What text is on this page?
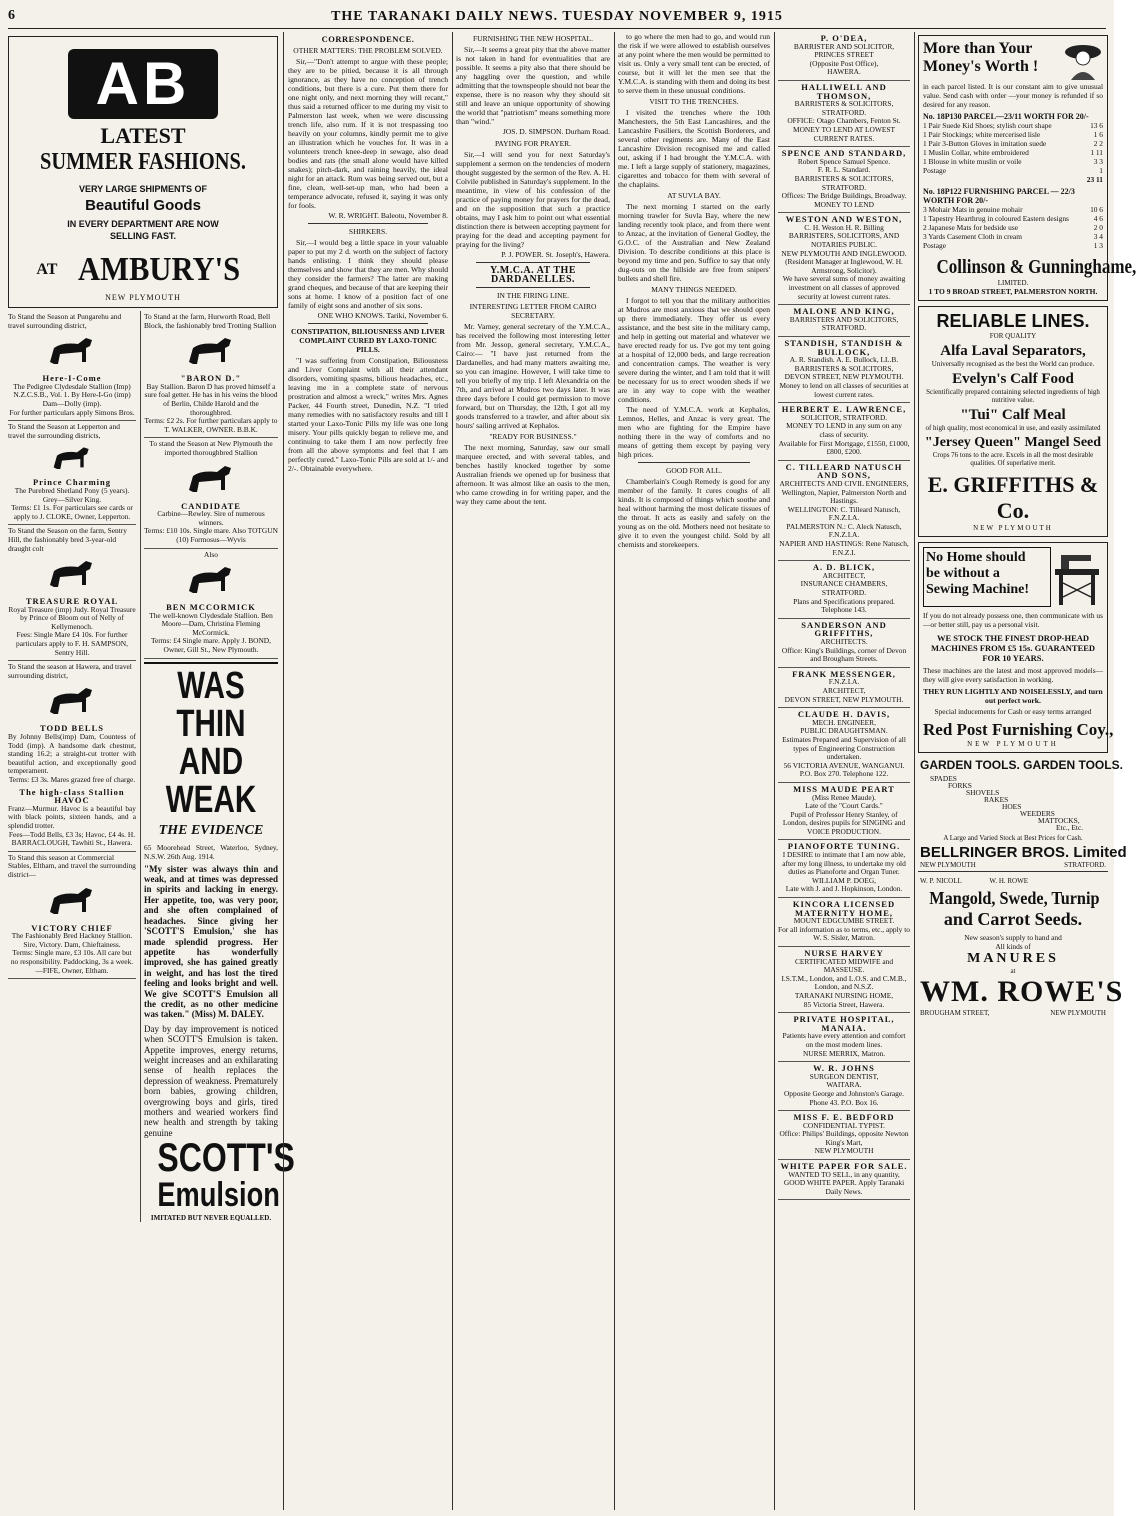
6	THE TARANAKI DAILY NEWS. TUESDAY NOVEMBER 9, 1915
AB
LATEST
SUMMER FASHIONS.
VERY LARGE SHIPMENTS OF
Beautiful Goods
IN EVERY DEPARTMENT ARE NOW
SELLING FAST.
AT AMBURY'S
NEW PLYMOUTH
To Stand the Season at Pungarehu and travel surrounding district,
Here-I-Come
The Pedigree Clydesdale Stallion (Imp) N.Z.C.S.B., Vol. 1. By Here-I-Go (imp) Dam—Dolly (imp).
For further particulars apply Simons Bros.
To Stand the Season at Lepperton and travel the surrounding districts,
Prince Charming
The Purebred Shetland Pony (5 years). Grey—Silver King.
Terms: £1 1s. For particulars see cards or apply to J. CLOKE, Owner, Lepperton.
To Stand the Season on the farm, Sentry Hill, the fashionably bred 3-year-old draught colt
TREASURE ROYAL
Royal Treasure (imp) Judy. Royal Treasure by Prince of Bloom out of Nelly of Kellymenoch.
Fees: Single Mare £4 10s. For further particulars apply to F. H. SAMPSON, Sentry Hill.
To Stand the season at Hawera, and travel surrounding district,
TODD BELLS
By Johnny Bells(imp) Dam, Countess of Todd (imp). A handsome dark chestnut, standing 16.2; a straight-cut trotter with beautiful action, and exceptionally good temperament.
Terms: £3 3s. Mares grazed free of charge.
The high-class Stallion
HAVOC
Franz—Murmur. Havoc is a beautiful bay with black points, sixteen hands, and a splendid trotter.
Fees—Todd Bells, £3 3s; Havoc, £4 4s. H. BARRACLOUGH, Tawhiti St., Hawera.
To Stand this season at Commercial Stables, Eltham, and travel the surrounding district—
VICTORY CHIEF
The Fashionably Bred Hackney Stallion. Sire, Victory. Dam, Chieftainess.
Terms: Single mare, £3 10s. All care but no responsibility. Paddocking, 3s a week. —FIFE, Owner, Eltham.
To Stand at the farm, Hurworth Road, Bell Block, the fashionably bred Trotting Stallion
"BARON D."
Bay Stallion. Baron D has proved himself a sure foal getter. He has in his veins the blood of Berlin, Childe Harold and the thoroughbred.
Terms: £2 2s. For further particulars apply to T. WALKER, OWNER. B.B.K.
To stand the Season at New Plymouth the imported thoroughbred Stallion
CANDIDATE
Carbine—Rewley. Sire of numerous winners.
Terms: £10 10s. Single mare. Also TOTGUN (10) Formosus—Wyvis
Also
BEN MCCORMICK
The well-known Clydesdale Stallion. Ben Moore—Dam, Christina Fleming McCormick.
Terms: £4 Single mare. Apply J. BOND, Owner, Gill St., New Plymouth.
WAS THIN AND WEAK
THE EVIDENCE
65 Moorehead Street, Waterloo, Sydney, N.S.W. 26th Aug. 1914.
"My sister was always thin and weak, and at times was depressed in spirits and lacking in energy. Her appetite, too, was very poor, and she often complained of headaches. Since giving her 'SCOTT'S Emulsion,' she has made splendid progress. Her appetite has wonderfully improved, she has gained greatly in weight, and has lost the tired feeling and looks bright and well. We give SCOTT'S Emulsion all the credit, as no other medicine was taken." (Miss) M. DALEY.
Day by day improvement is noticed when SCOTT'S Emulsion is taken. Appetite improves, energy returns, weight increases and an exhilarating sense of health replaces the depression of weakness. Prematurely born babies, growing children, overgrowing boys and girls, tired mothers and wearied workers find new health and strength by taking genuine
SCOTT'S
Emulsion
IMITATED BUT NEVER EQUALLED.
CORRESPONDENCE.
OTHER MATTERS: THE PROBLEM SOLVED.

Sir,—"Don't attempt to argue with these people; they are to be pitied, because it is all through ignorance, as they have no conception of trench conditions, but there is a cure. Put them there for one night only, and next morning they will recant," thus said a returned officer to me during my visit to Palmerston last week, when we were discussing trench life, also rum. If it is not trespassing too heavily on your columns, kindly permit me to give an illustration which he vouches for. It was in a volunteers trench knee-deep in sewage, also dead bodies and rats (the small alone would have killed snakes); pitch-dark, and raining heavily, the ideal night for an attack. Rum was being served out, but a fine, clean, well-set-up man, who had been a temperance advocate, refused it, saying it was only for fools.

W. R. WRIGHT. Baleotu, November 8.
SHIRKERS.

Sir,—I would beg a little space in your valuable paper to put my 2 d. worth on the subject of factory hands enlisting. I think they should please themselves and show that they are men. Why should they consider the farmers? The latter are making grand cheques, and because of that are keeping their sons at home. I know of a position fact of one family of eight sons and another of six sons.

ONE WHO KNOWS. Tariki, November 6.
CONSTIPATION, BILIOUSNESS AND LIVER COMPLAINT CURED BY LAXO-TONIC PILLS.

"I was suffering from Constipation, Biliousness and Liver Complaint with all their attendant disorders, vomiting spasms, bilious headaches, etc., leaving me in a complete state of nervous prostration and almost a wreck," writes Mrs. Agnes Packer, 44 Fourth street, Dunedin, N.Z. "I tried many remedies with no satisfactory results and till I started your Laxo-Tonic Pills my life was one long misery. Your pills quickly began to relieve me, and continuing to take them I am now perfectly free from all the above symptoms and feel that I am perfectly cured." Laxo-Tonic Pills are sold at 1/- and 2/-. Obtainable everywhere.

FURNISHING THE NEW HOSPITAL.

Sir,—It seems a great pity that the above matter is not taken in hand for eventualities that are possible. It seems a pity also that there should be any haggling over the question, and while admitting that the townspeople should not bear the expense, there is no reason why they should sit still and leave an unique opportunity of showing the world that "patriotism" means something more than "wind."

JOS. D. SIMPSON. Durham Road.
PAYING FOR PRAYER.

Sir,—I will send you for next Saturday's supplement a sermon on the tendencies of modern thought suggested by the sermon of the Rev. A. H. Colvile published in Saturday's supplement. In the meantime, in view of his confession of the practice of paying money for prayers for the dead, and on the supposition that such a practice obtains, may I ask him to point out what essential distinction there is between accepting payment for praying for the dead and accepting payment for praying for the living?

P. J. POWER. St. Joseph's, Hawera.
Y.M.C.A. AT THE DARDANELLES.
IN THE FIRING LINE.
INTERESTING LETTER FROM CAIRO SECRETARY.

Mr. Varney, general secretary of the Y.M.C.A., has received the following most interesting letter from Mr. Jessop, general secretary, Y.M.C.A., Cairo:— "I have just returned from the Dardanelles, and had many matters awaiting me, so you can imagine. However, I will take time to tell you briefly of my trip. I left Alexandria on the 7th, and arrived at Mudros two days later. It was three days before I could get permission to move forward, but on Thursday, the 12th, I got all my goods transferred to a trawler, and after about six hours' sailing arrived at Kephalos.

"READY FOR BUSINESS."

The next morning, Saturday, saw our small marquee erected, and with several tables, and benches hastily knocked together by some Australian friends we opened up for business that afternoon. It was almost like an oasis to the men, who came crowding in for writing paper, and the way they came about the tent.

to go where the men had to go, and would run the risk if we were allowed to establish ourselves at any point where the men would be permitted to visit us. Only a very small tent can be erected, of course, but it will let the men see that the Y.M.C.A. is standing with them and doing its best to serve them in these unusual conditions.

VISIT TO THE TRENCHES.

I visited the trenches where the 10th Manchesters, the 5th East Lancashires, and the Lancashire Fusiliers, the Scottish Borderers, and several other regiments are. Many of the East Lancashire Division recognised me and called out, asking if I had brought the Y.M.C.A. with me. I left a large supply of stationery, magazines, cigarettes and tobacco for them with several of the chaplains.

AT SUVLA BAY.

The next morning I started on the early morning trawler for Suvla Bay, where the new landing recently took place, and from there went to Anzac, at the invitation of General Godley, the G.O.C. of the Australian and New Zealand Division. To describe conditions at this place is beyond my time and pen. Suffice to say that only dug-outs on the hillside are free from snipers' bullets and shell fire.

MANY THINGS NEEDED.

I forgot to tell you that the military authorities at Mudros are most anxious that we should open up there immediately. They offer us every assistance, and the best site in the military camp, and help in getting out material and whatever we have erected ready for us. I've got my tent going at a hospital of 12,000 beds, and large recreation and concentration camps. The weather is very severe during the winter, and I am told that it will be necessary for us to erect wooden sheds if we are in any way to cope with the weather conditions.

The need of Y.M.C.A. work at Kephalos, Lemnos, Helles, and Anzac is very great. The men who are fighting for the Empire have nothing there in the way of comforts and no means of getting them except by paying very high prices.

GOOD FOR ALL.

Chamberlain's Cough Remedy is good for any member of the family. It cures coughs of all kinds. It is composed of things which soothe and heal without harming the most delicate tissues of the throat. It acts as easily and safely on the young as on the old. Mothers need not hesitate to give it to even the youngest child. Sold by all chemists and storekeepers.

P. O'DEA,
BARRISTER AND SOLICITOR,
PRINCES STREET
(Opposite Post Office),
HAWERA.
HALLIWELL AND THOMSON,
BARRISTERS & SOLICITORS,
STRATFORD.
OFFICE: Otago Chambers, Fenton St.
MONEY TO LEND AT LOWEST
CURRENT RATES.
SPENCE AND STANDARD,
Robert Spence Samuel Spence.
F. R. L. Standard.
BARRISTERS & SOLICITORS,
STRATFORD.
Offices: The Bridge Buildings, Broadway.
MONEY TO LEND
WESTON AND WESTON,
C. H. Weston H. R. Billing
BARRISTERS, SOLICITORS, AND
NOTARIES PUBLIC.
NEW PLYMOUTH AND INGLEWOOD.
(Resident Manager at Inglewood, W. H. Armstrong, Solicitor).
We have several sums of money awaiting investment on all classes of approved security at lowest current rates.
MALONE AND KING,
BARRISTERS AND SOLICITORS,
STRATFORD.
STANDISH, STANDISH & BULLOCK,
A. R. Standish. A. E. Bullock, LL.B.
BARRISTERS & SOLICITORS,
DEVON STREET, NEW PLYMOUTH.
Money to lend on all classes of securities at lowest current rates.
HERBERT E. LAWRENCE,
SOLICITOR, STRATFORD.
MONEY TO LEND in any sum on any class of security.
Available for First Mortgage, £1550, £1000, £800, £200.
C. TILLEARD NATUSCH AND SONS,
ARCHITECTS AND CIVIL ENGINEERS,
Wellington, Napier, Palmerston North and Hastings.
WELLINGTON: C. Tilleard Natusch, F.N.Z.I.A.
PALMERSTON N.: C. Aleck Natusch, F.N.Z.I.A.
NAPIER AND HASTINGS: Rene Natusch, F.N.Z.I.
A. D. BLICK,
ARCHITECT,
INSURANCE CHAMBERS, STRATFORD.
Plans and Specifications prepared.
Telephone 143.
SANDERSON AND GRIFFITHS,
ARCHITECTS.
Office: King's Buildings, corner of Devon and Brougham Streets.
FRANK MESSENGER,
F.N.Z.I.A.
ARCHITECT,
DEVON STREET, NEW PLYMOUTH.
CLAUDE H. DAVIS,
MECH. ENGINEER,
PUBLIC DRAUGHTSMAN.
Estimates Prepared and Supervision of all types of Engineering Construction undertaken.
56 VICTORIA AVENUE, WANGANUI.
P.O. Box 270. Telephone 122.
MISS MAUDE PEART
(Miss Renee Maude).
Late of the "Court Cards."
Pupil of Professor Henry Stanley, of London, desires pupils for SINGING and VOICE PRODUCTION.
PIANOFORTE TUNING.
I DESIRE to intimate that I am now able, after my long illness, to undertake my old duties as Pianoforte and Organ Tuner.
WILLIAM P. DOEG,
Late with J. and J. Hopkinson, London.
KINCORA LICENSED MATERNITY HOME,
MOUNT EDGCUMBE STREET.
For all information as to terms, etc., apply to W. S. Sisler, Matron.
NURSE HARVEY
CERTIFICATED MIDWIFE and MASSEUSE.
I.S.T.M., London, and L.O.S. and C.M.B., London, and N.S.Z.
TARANAKI NURSING HOME,
85 Victoria Street, Hawera.
PRIVATE HOSPITAL, MANAIA.
Patients have every attention and comfort on the most modern lines.
NURSE MERRIX, Matron.
W. R. JOHNS
SURGEON DENTIST,
WAITARA.
Opposite George and Johnston's Garage.
Phone 43. P.O. Box 16.
MISS F. E. BEDFORD
CONFIDENTIAL TYPIST.
Office: Philips' Buildings, opposite Newton King's Mart,
NEW PLYMOUTH
WHITE PAPER FOR SALE.
WANTED TO SELL, in any quantity, GOOD WHITE PAPER. Apply Taranaki Daily News.
More than Your
Money's Worth !
in each parcel listed. It is our constant aim to give unusual value. Send cash with order —your money is refunded if so desired for any reason.
No. 18P130 PARCEL—23/11 WORTH FOR 20/-
1 Pair Suede Kid Shoes; stylish court shape	13 6
1 Pair Stockings; white mercerised lisle	1 6
1 Pair 3-Button Gloves in imitation suede	2 2
1 Muslin Collar, white embroidered	1 11
1 Blouse in white muslin or voile	3 3
Postage	1
23 11
No. 18P122 FURNISHING PARCEL — 22/3 WORTH FOR 20/-
3 Mohair Mats in genuine mohair	10 6
1 Tapestry Hearthrug in coloured Eastern designs	4 6
2 Japanese Mats for bedside use	2 0
3 Yards Casement Cloth in cream	3 4
Postage	1 3
Collinson & Gunninghame,
LIMITED.
1 TO 9 BROAD STREET, PALMERSTON NORTH.
RELIABLE LINES.
FOR QUALITY
Alfa Laval Separators,
Universally recognised as the best the World can produce.
Evelyn's Calf Food
Scientifically prepared containing selected ingredients of high nutritive value.
"Tui" Calf Meal
of high quality, most economical in use, and easily assimilated
"Jersey Queen" Mangel Seed
Crops 76 tons to the acre. Excels in all the most desirable qualities. Of superlative merit.
E. GRIFFITHS & Co.
NEW PLYMOUTH
No Home should
be without a
Sewing Machine!
If you do not already possess one, then communicate with us—or better still, pay us a personal visit.
WE STOCK THE FINEST DROP-HEAD MACHINES FROM £5 15s. GUARANTEED FOR 10 YEARS.
These machines are the latest and most approved models—they will give every satisfaction in working.
THEY RUN LIGHTLY AND NOISELESSLY, and turn out perfect work.
Special inducements for Cash or easy terms arranged
Red Post Furnishing Coy.,
NEW PLYMOUTH
GARDEN TOOLS. GARDEN TOOLS.
SPADES
FORKS
SHOVELS
RAKES
HOES
WEEDERS
MATTOCKS,
Etc., Etc.
A Large and Varied Stock at Best Prices for Cash.
BELLRINGER BROS. Limited
NEW PLYMOUTH	STRATFORD.
W. P. NICOLL                W. H. ROWE
Mangold, Swede, Turnip
and Carrot Seeds.
New season's supply to hand and
All kinds of
MANURES
at
WM. ROWE'S
BROUGHAM STREET,	NEW PLYMOUTH
